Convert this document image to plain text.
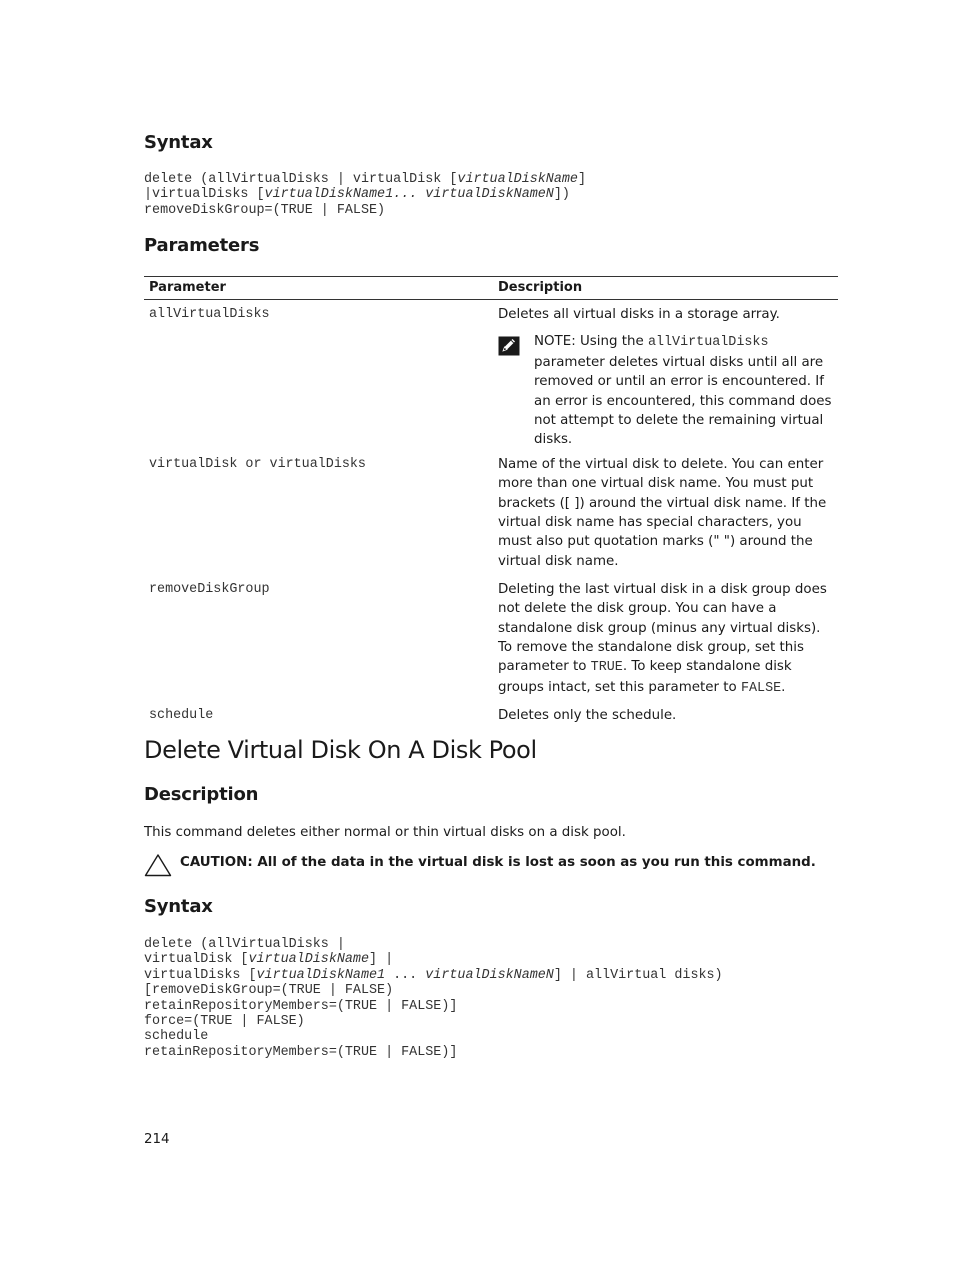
Syntax
delete (allVirtualDisks | virtualDisk [virtualDiskName]
|virtualDisks [virtualDiskName1... virtualDiskNameN])
removeDiskGroup=(TRUE | FALSE)
Parameters
Parameter	Description
allVirtualDisks	Deletes all virtual disks in a storage array.
NOTE: Using the allVirtualDisks parameter deletes virtual disks until all are removed or until an error is encountered. If an error is encountered, this command does not attempt to delete the remaining virtual disks.

virtualDisk or virtualDisks	Name of the virtual disk to delete. You can enter more than one virtual disk name. You must put brackets ([ ]) around the virtual disk name. If the virtual disk name has special characters, you must also put quotation marks (" ") around the virtual disk name.
removeDiskGroup	Deleting the last virtual disk in a disk group does not delete the disk group. You can have a standalone disk group (minus any virtual disks). To remove the standalone disk group, set this parameter to TRUE. To keep standalone disk groups intact, set this parameter to FALSE.
schedule	Deletes only the schedule.
Delete Virtual Disk On A Disk Pool
Description

This command deletes either normal or thin virtual disks on a disk pool.

CAUTION: All of the data in the virtual disk is lost as soon as you run this command.
Syntax
delete (allVirtualDisks |
virtualDisk [virtualDiskName] |
virtualDisks [virtualDiskName1 ... virtualDiskNameN] | allVirtual disks)
[removeDiskGroup=(TRUE | FALSE)
retainRepositoryMembers=(TRUE | FALSE)]
force=(TRUE | FALSE)
schedule
retainRepositoryMembers=(TRUE | FALSE)]
214
